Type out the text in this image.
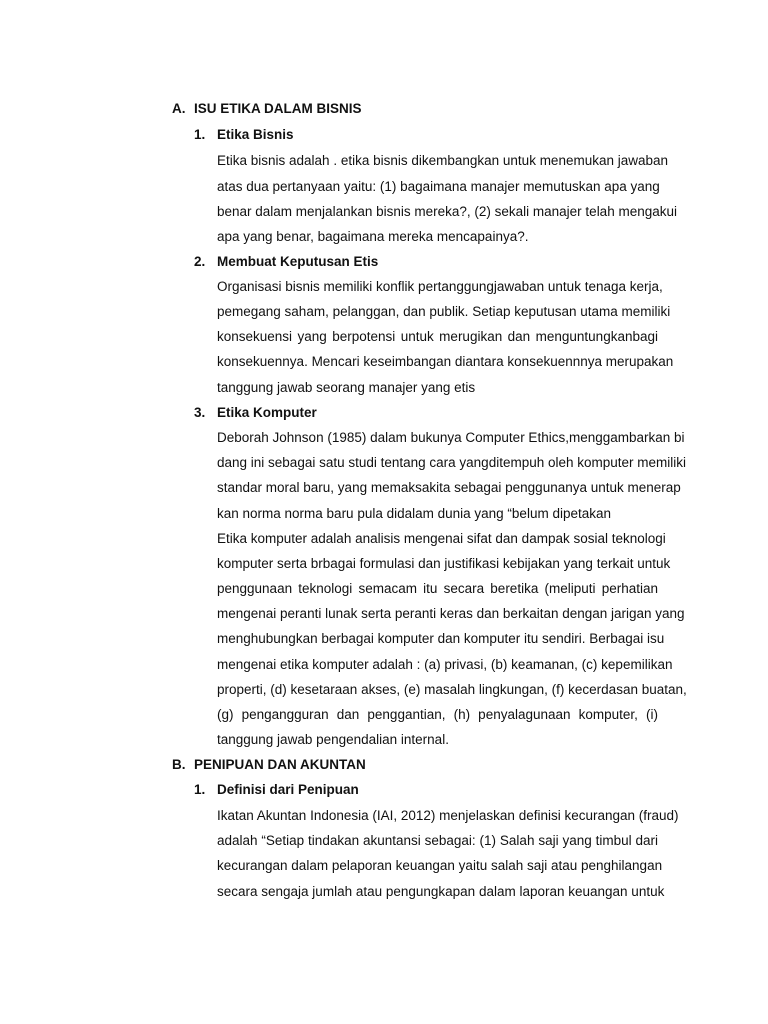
A. ISU ETIKA DALAM BISNIS
1. Etika Bisnis
Etika bisnis adalah . etika bisnis dikembangkan untuk menemukan jawaban
atas dua pertanyaan yaitu: (1) bagaimana manajer memutuskan apa yang
benar dalam menjalankan bisnis mereka?, (2) sekali manajer telah mengakui
apa yang benar, bagaimana mereka mencapainya?.
2. Membuat Keputusan Etis
Organisasi bisnis memiliki konflik pertanggungjawaban untuk tenaga kerja,
pemegang saham, pelanggan, dan publik. Setiap keputusan utama memiliki
konsekuensi yang berpotensi untuk merugikan dan menguntungkanbagi
konsekuennya. Mencari keseimbangan diantara konsekuennnya merupakan
tanggung jawab seorang manajer yang etis
3. Etika Komputer
Deborah Johnson (1985) dalam bukunya Computer Ethics,menggambarkan bi
dang ini sebagai satu studi tentang cara yangditempuh oleh komputer memiliki
standar moral baru, yang memaksakita sebagai penggunanya untuk menerap
kan norma norma baru pula didalam dunia yang “belum dipetakan
Etika komputer adalah analisis mengenai sifat dan dampak sosial teknologi
komputer serta brbagai formulasi dan justifikasi kebijakan yang terkait untuk
penggunaan teknologi semacam itu secara beretika (meliputi perhatian
mengenai peranti lunak serta peranti keras dan berkaitan dengan jarigan yang
menghubungkan berbagai komputer dan komputer itu sendiri. Berbagai isu
mengenai etika komputer adalah : (a) privasi, (b) keamanan, (c) kepemilikan
properti, (d) kesetaraan akses, (e) masalah lingkungan, (f) kecerdasan buatan,
(g) pengangguran dan penggantian, (h) penyalagunaan komputer, (i)
tanggung jawab pengendalian internal.
B. PENIPUAN DAN AKUNTAN
1. Definisi dari Penipuan
Ikatan Akuntan Indonesia (IAI, 2012) menjelaskan definisi kecurangan (fraud)
adalah “Setiap tindakan akuntansi sebagai: (1) Salah saji yang timbul dari
kecurangan dalam pelaporan keuangan yaitu salah saji atau penghilangan
secara sengaja jumlah atau pengungkapan dalam laporan keuangan untuk
